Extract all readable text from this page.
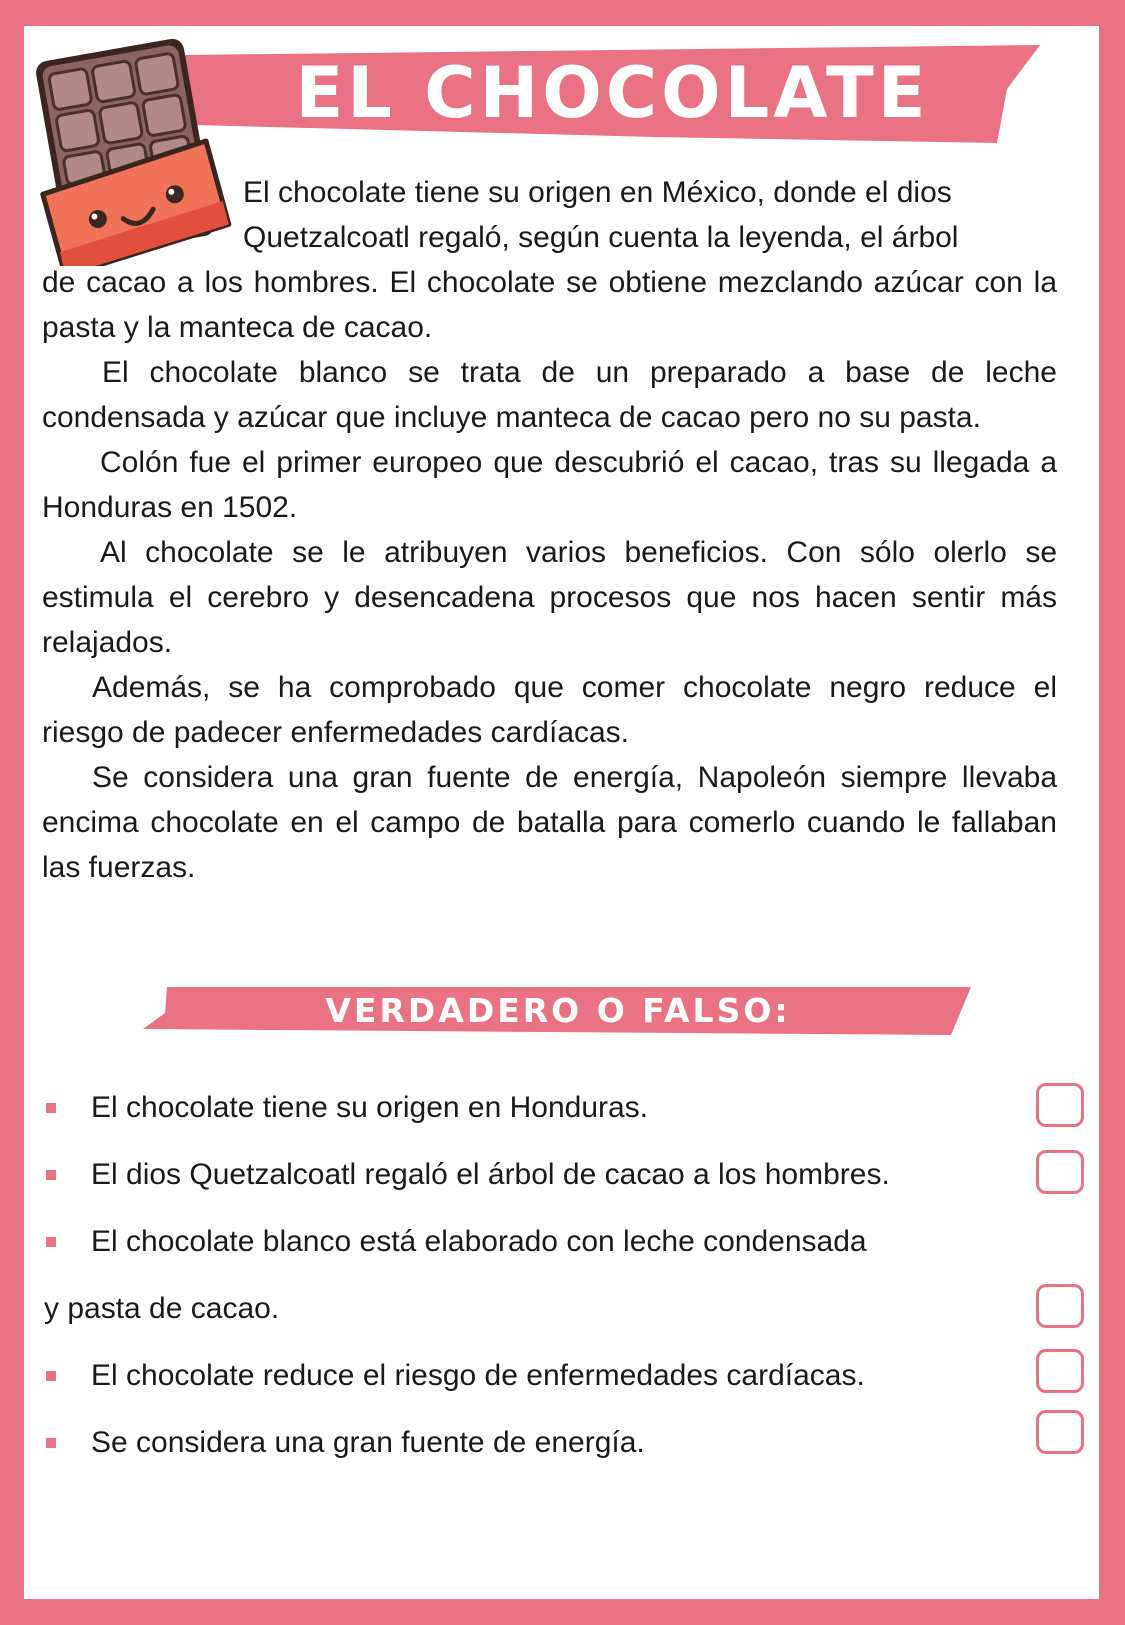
EL CHOCOLATE
El chocolate tiene su origen en México, donde el dios
Quetzalcoatl regaló, según cuenta la leyenda, el árbol

de cacao a los hombres. El chocolate se obtiene mezclando azúcar con la pasta y la manteca de cacao.

El chocolate blanco se trata de un preparado a base de leche condensada y azúcar que incluye manteca de cacao pero no su pasta.

Colón fue el primer europeo que descubrió el cacao, tras su llegada a Honduras en 1502.

Al chocolate se le atribuyen varios beneficios. Con sólo olerlo se estimula el cerebro y desencadena procesos que nos hacen sentir más relajados.

Además, se ha comprobado que comer chocolate negro reduce el riesgo de padecer enfermedades cardíacas.

Se considera una gran fuente de energía, Napoleón siempre llevaba encima chocolate en el campo de batalla para comerlo cuando le fallaban las fuerzas.

VERDADERO O FALSO:
El chocolate tiene su origen en Honduras.
El dios Quetzalcoatl regaló el árbol de cacao a los hombres.
El chocolate blanco está elaborado con leche condensada
y pasta de cacao.
El chocolate reduce el riesgo de enfermedades cardíacas.
Se considera una gran fuente de energía.
